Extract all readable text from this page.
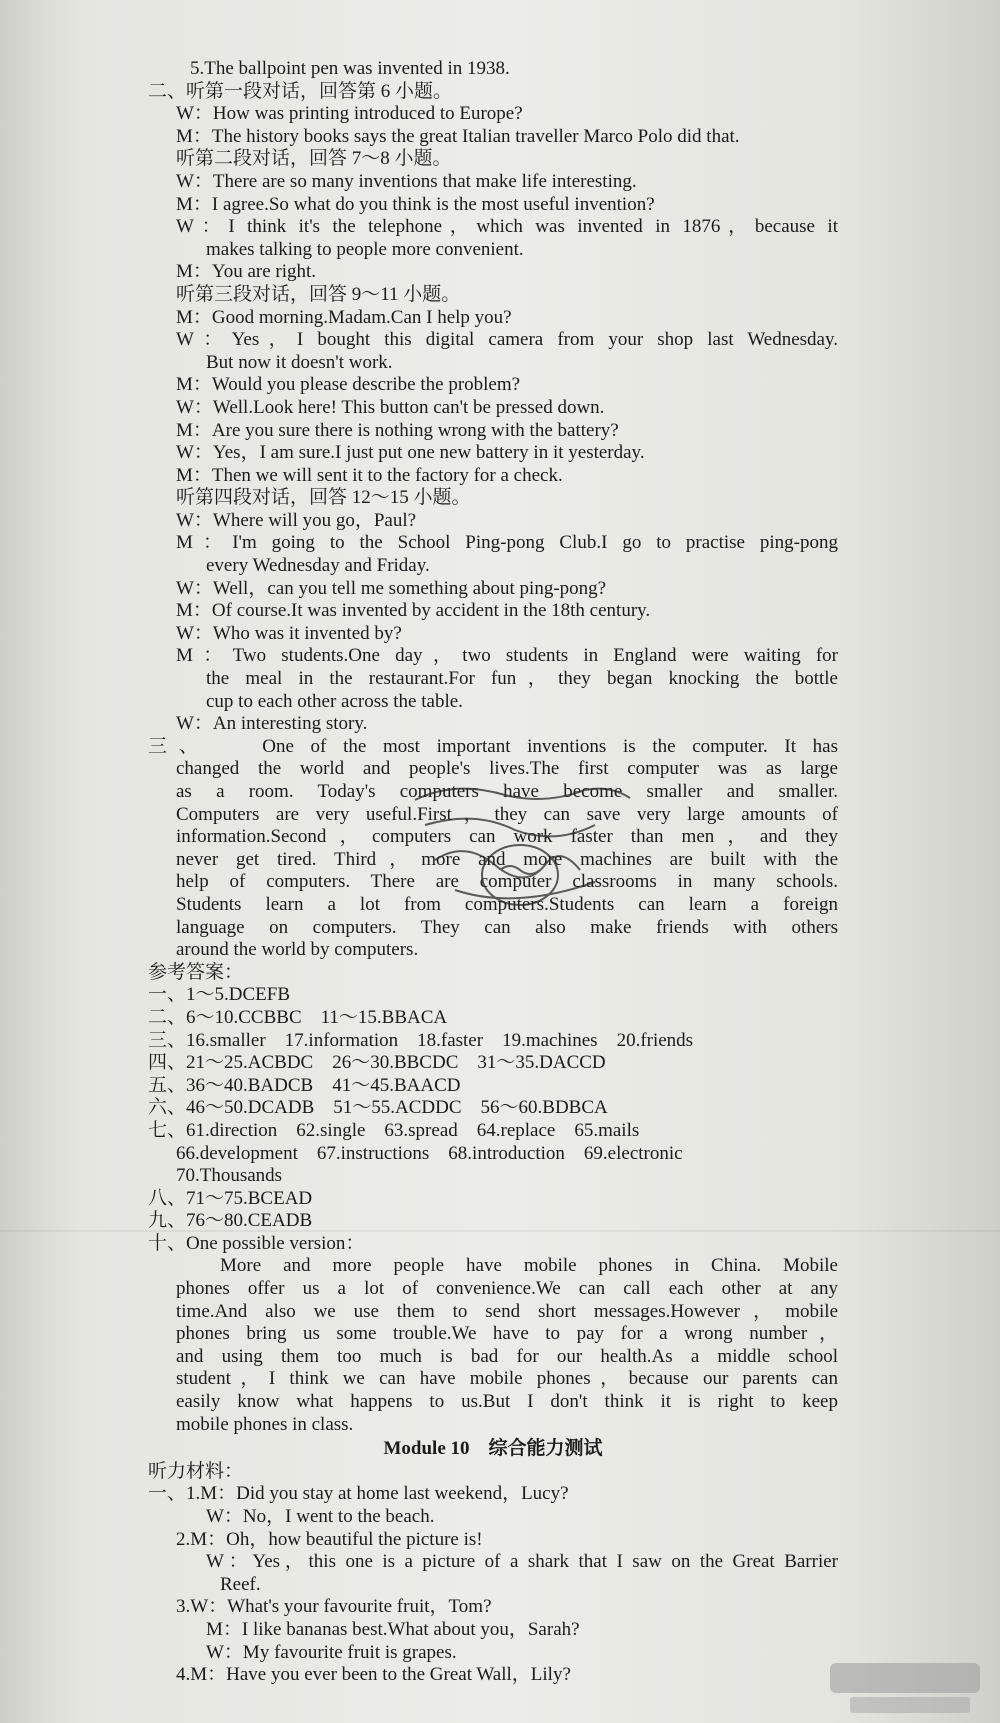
5.The ballpoint pen was invented in 1938.
二、听第一段对话，回答第 6 小题。
W：How was printing introduced to Europe?
M：The history books says the great Italian traveller Marco Polo did that.
听第二段对话，回答 7～8 小题。
W：There are so many inventions that make life interesting.
M：I agree.So what do you think is the most useful invention?
W：I think it's the telephone，which was invented in 1876，because it
makes talking to people more convenient.
M：You are right.
听第三段对话，回答 9～11 小题。
M：Good morning.Madam.Can I help you?
W：Yes，I bought this digital camera from your shop last Wednesday.
But now it doesn't work.
M：Would you please describe the problem?
W：Well.Look here! This button can't be pressed down.
M：Are you sure there is nothing wrong with the battery?
W：Yes，I am sure.I just put one new battery in it yesterday.
M：Then we will sent it to the factory for a check.
听第四段对话，回答 12～15 小题。
W：Where will you go，Paul?
M：I'm going to the School Ping-pong Club.I go to practise ping-pong
every Wednesday and Friday.
W：Well，can you tell me something about ping-pong?
M：Of course.It was invented by accident in the 18th century.
W：Who was it invented by?
M：Two students.One day，two students in England were waiting for
the meal in the restaurant.For fun，they began knocking the bottle
cup to each other across the table.
W：An interesting story.
三、　　One of the most important inventions is the computer. It has
changed the world and people's lives.The first computer was as large
as a room. Today's computers have become smaller and smaller.
Computers are very useful.First，they can save very large amounts of
information.Second，computers can work faster than men，and they
never get tired. Third，more and more machines are built with the
help of computers. There are computer classrooms in many schools.
Students learn a lot from computers.Students can learn a foreign
language on computers. They can also make friends with others
around the world by computers.
参考答案：
一、1～5.DCEFB
二、6～10.CCBBC　11～15.BBACA
三、16.smaller　17.information　18.faster　19.machines　20.friends
四、21～25.ACBDC　26～30.BBCDC　31～35.DACCD
五、36～40.BADCB　41～45.BAACD
六、46～50.DCADB　51～55.ACDDC　56～60.BDBCA
七、61.direction　62.single　63.spread　64.replace　65.mails
66.development　67.instructions　68.introduction　69.electronic
70.Thousands
八、71～75.BCEAD
九、76～80.CEADB
十、One possible version：
More and more people have mobile phones in China. Mobile
phones offer us a lot of convenience.We can call each other at any
time.And also we use them to send short messages.However，mobile
phones bring us some trouble.We have to pay for a wrong number，
and using them too much is bad for our health.As a middle school
student，I think we can have mobile phones，because our parents can
easily know what happens to us.But I don't think it is right to keep
mobile phones in class.
Module 10　综合能力测试
听力材料：
一、1.M：Did you stay at home last weekend，Lucy?
W：No，I went to the beach.
2.M：Oh，how beautiful the picture is!
W：Yes，this one is a picture of a shark that I saw on the Great Barrier
Reef.
3.W：What's your favourite fruit，Tom?
M：I like bananas best.What about you，Sarah?
W：My favourite fruit is grapes.
4.M：Have you ever been to the Great Wall，Lily?
